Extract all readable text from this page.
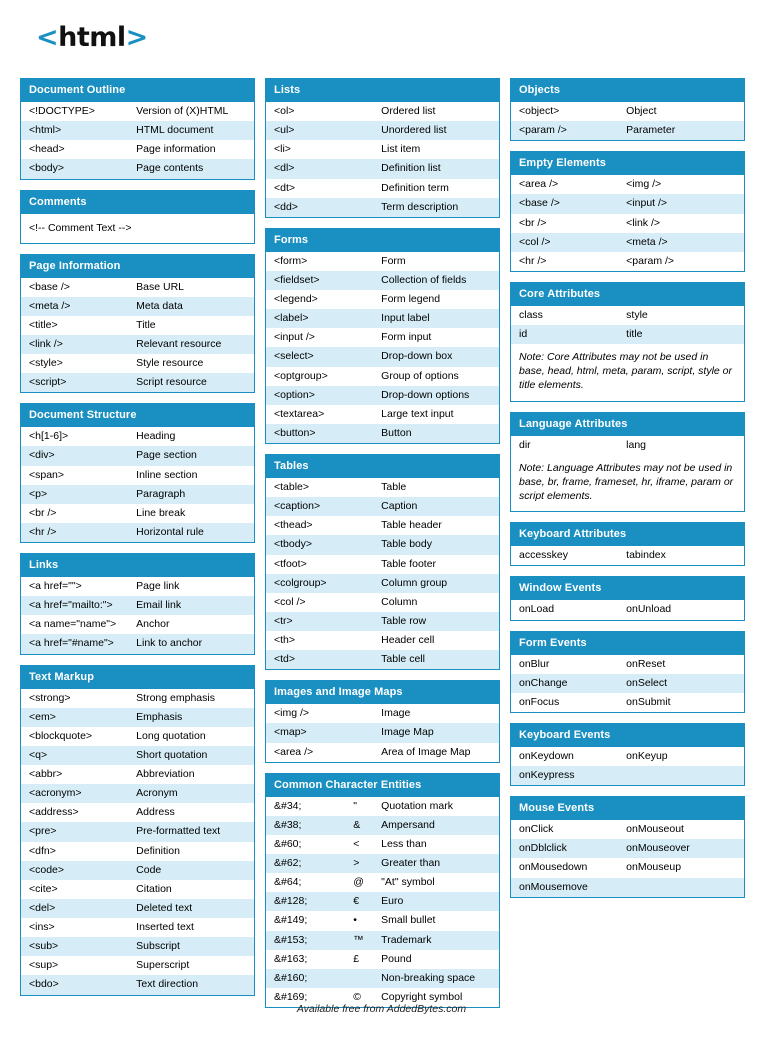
<html>
Document Outline
<!DOCTYPE>	Version of (X)HTML
<html>	HTML document
<head>	Page information
<body>	Page contents
Comments
<!-- Comment Text -->
Page Information
<base />	Base URL
<meta />	Meta data
<title>	Title
<link />	Relevant resource
<style>	Style resource
<script>	Script resource
Document Structure
<h[1-6]>	Heading
<div>	Page section
<span>	Inline section
<p>	Paragraph
<br />	Line break
<hr />	Horizontal rule
Links
<a href="">	Page link
<a href="mailto:">	Email link
<a name="name">	Anchor
<a href="#name">	Link to anchor
Text Markup
<strong>	Strong emphasis
<em>	Emphasis
<blockquote>	Long quotation
<q>	Short quotation
<abbr>	Abbreviation
<acronym>	Acronym
<address>	Address
<pre>	Pre-formatted text
<dfn>	Definition
<code>	Code
<cite>	Citation
<del>	Deleted text
<ins>	Inserted text
<sub>	Subscript
<sup>	Superscript
<bdo>	Text direction
Lists
<ol>	Ordered list
<ul>	Unordered list
<li>	List item
<dl>	Definition list
<dt>	Definition term
<dd>	Term description
Forms
<form>	Form
<fieldset>	Collection of fields
<legend>	Form legend
<label>	Input label
<input />	Form input
<select>	Drop-down box
<optgroup>	Group of options
<option>	Drop-down options
<textarea>	Large text input
<button>	Button
Tables
<table>	Table
<caption>	Caption
<thead>	Table header
<tbody>	Table body
<tfoot>	Table footer
<colgroup>	Column group
<col />	Column
<tr>	Table row
<th>	Header cell
<td>	Table cell
Images and Image Maps
<img />	Image
<map>	Image Map
<area />	Area of Image Map
Common Character Entities
&#34;	"	Quotation mark
&#38;	&	Ampersand
&#60;	<	Less than
&#62;	>	Greater than
&#64;	@	"At" symbol
&#128;	€	Euro
&#149;	•	Small bullet
&#153;	™	Trademark
&#163;	£	Pound
&#160;		Non-breaking space
&#169;	©	Copyright symbol
Objects
<object>	Object
<param />	Parameter
Empty Elements
<area />	<img />
<base />	<input />
<br />	<link />
<col />	<meta />
<hr />	<param />
Core Attributes
class	style
id	title
Note: Core Attributes may not be used in base, head, html, meta, param, script, style or title elements.
Language Attributes
dir	lang
Note: Language Attributes may not be used in base, br, frame, frameset, hr, iframe, param or script elements.
Keyboard Attributes
accesskey	tabindex
Window Events
onLoad	onUnload
Form Events
onBlur	onReset
onChange	onSelect
onFocus	onSubmit
Keyboard Events
onKeydown	onKeyup
onKeypress	
Mouse Events
onClick	onMouseout
onDblclick	onMouseover
onMousedown	onMouseup
onMousemove	
Available free from AddedBytes.com
